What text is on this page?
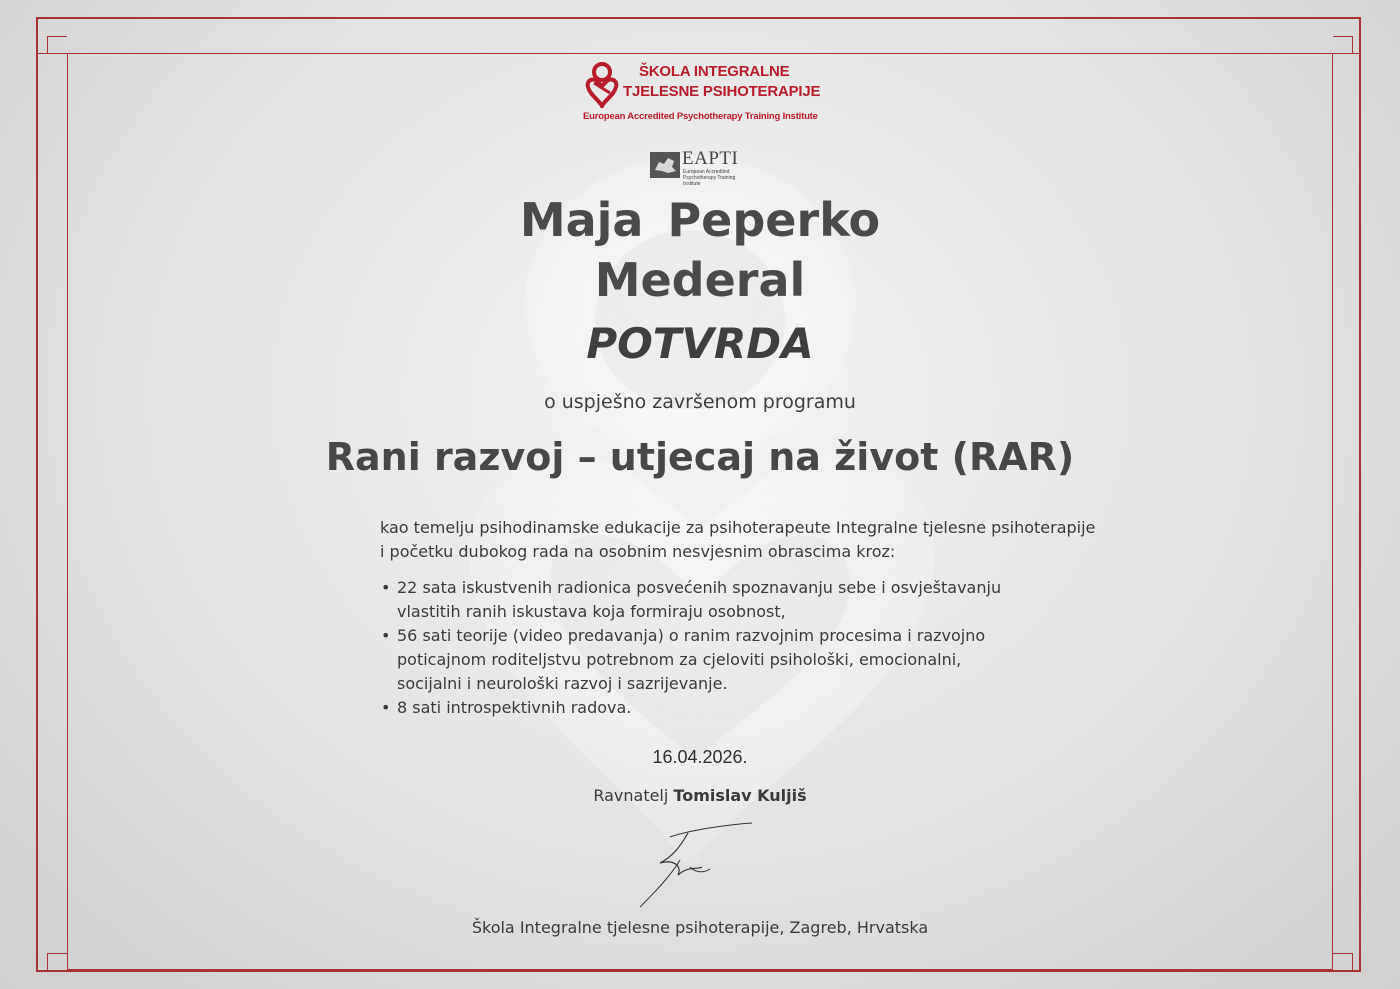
ŠKOLA INTEGRALNE
TJELESNE PSIHOTERAPIJE
European Accredited Psychotherapy Training Institute
EAPTI
European Accredited Psychotherapy Training Institute
Maja Peperko
Mederal
POTVRDA
o uspješno završenom programu
Rani razvoj – utjecaj na život (RAR)

kao temelju psihodinamske edukacije za psihoterapeute Integralne tjelesne psihoterapije
i početku dubokog rada na osobnim nesvjesnim obrascima kroz:

• 22 sata iskustvenih radionica posvećenih spoznavanju sebe i osvještavanju
vlastitih ranih iskustava koja formiraju osobnost,
• 56 sati teorije (video predavanja) o ranim razvojnim procesima i razvojno
poticajnom roditeljstvu potrebnom za cjeloviti psihološki, emocionalni,
socijalni i neurološki razvoj i sazrijevanje.
• 8 sati introspektivnih radova.
16.04.2026.
Ravnatelj Tomislav Kuljiš
Škola Integralne tjelesne psihoterapije, Zagreb, Hrvatska
